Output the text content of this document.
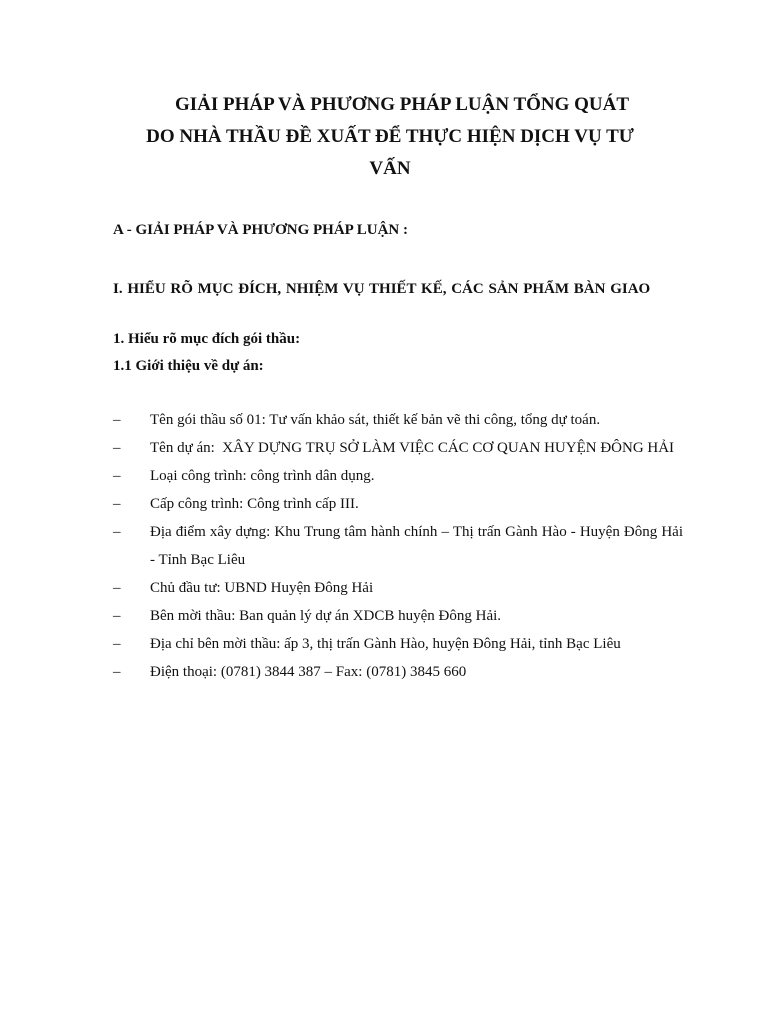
GIẢI PHÁP VÀ PHƯƠNG PHÁP LUẬN TỔNG QUÁT
DO NHÀ THẦU ĐỀ XUẤT ĐỂ THỰC HIỆN DỊCH VỤ TƯ
VẤN
A - GIẢI PHÁP VÀ PHƯƠNG PHÁP LUẬN :
I. HIỂU RÕ MỤC ĐÍCH, NHIỆM VỤ THIẾT KẾ, CÁC SẢN PHẨM BÀN GIAO
1. Hiểu rõ mục đích gói thầu:
1.1 Giới thiệu về dự án:
–	Tên gói thầu số 01: Tư vấn khảo sát, thiết kế bản vẽ thi công, tổng dự toán.
–	Tên dự án:  XÂY DỰNG TRỤ SỞ LÀM VIỆC CÁC CƠ QUAN HUYỆN ĐÔNG HẢI
–	Loại công trình: công trình dân dụng.
–	Cấp công trình: Công trình cấp III.
–	Địa điểm xây dựng: Khu Trung tâm hành chính – Thị trấn Gành Hào - Huyện Đông Hải - Tỉnh Bạc Liêu
–	Chủ đầu tư: UBND Huyện Đông Hải
–	Bên mời thầu: Ban quản lý dự án XDCB huyện Đông Hải.
–	Địa chỉ bên mời thầu: ấp 3, thị trấn Gành Hào, huyện Đông Hải, tỉnh Bạc Liêu
–	Điện thoại: (0781) 3844 387 – Fax: (0781) 3845 660
